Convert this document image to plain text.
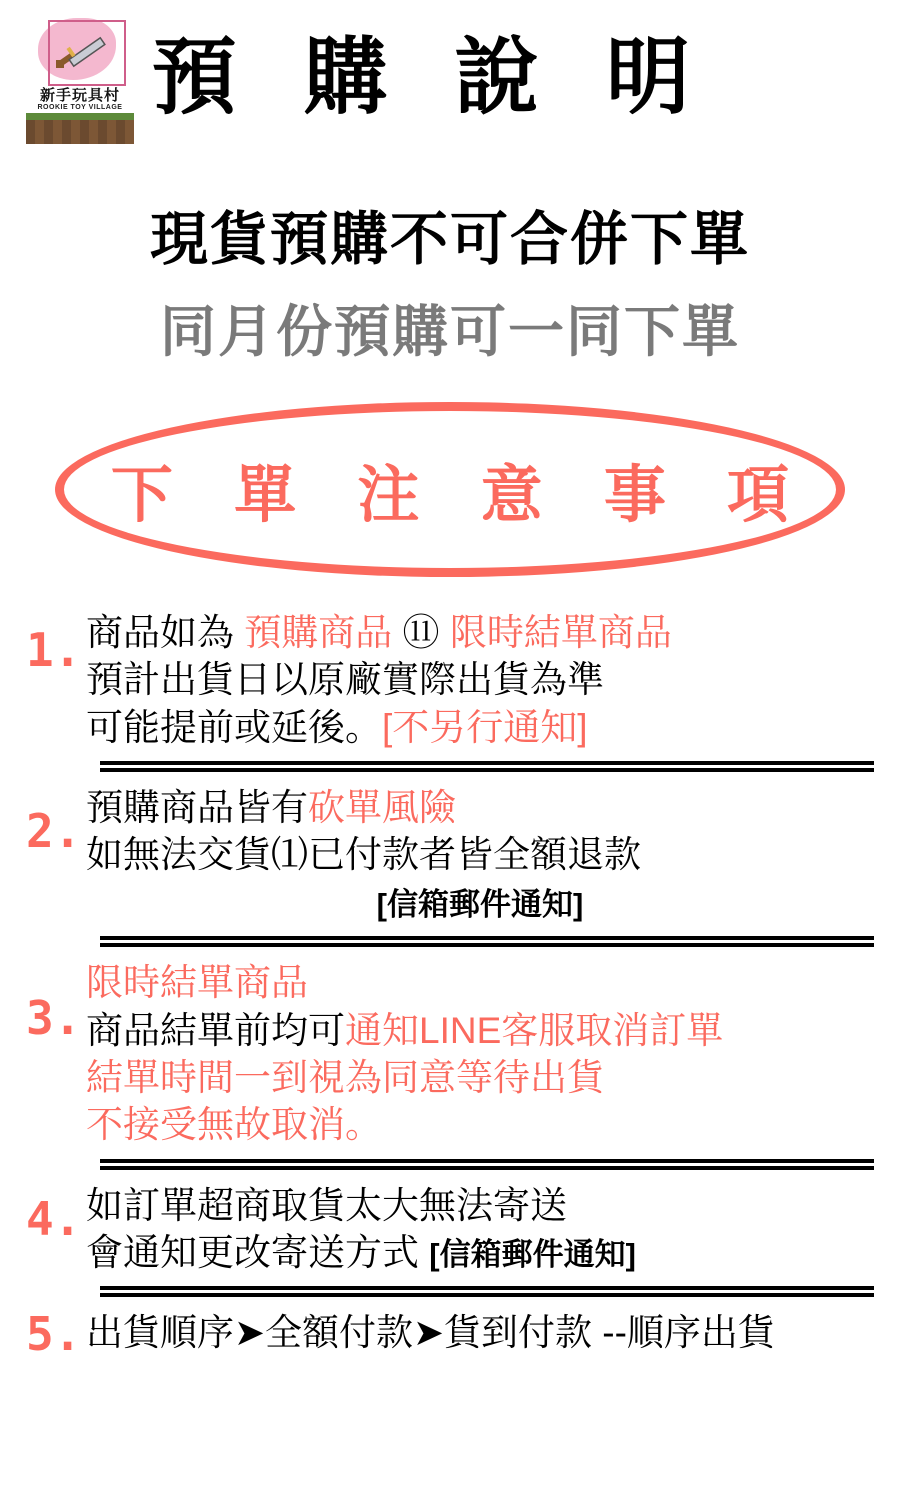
新手玩具村
ROOKIE TOY VILLAGE 預 購 說 明
現貨預購不可合併下單
同月份預購可一同下單
下 單 注 意 事 項
1. 商品如為 預購商品 ⑪ 限時結單商品
預計出貨日以原廠實際出貨為準
可能提前或延後。[不另行通知]
2. 預購商品皆有砍單風險
如無法交貨⑴已付款者皆全額退款
[信箱郵件通知]
3.
限時結單商品
商品結單前均可通知LINE客服取消訂單
結單時間一到視為同意等待出貨
不接受無故取消。
4. 如訂單超商取貨太大無法寄送
會通知更改寄送方式 [信箱郵件通知]
5. 出貨順序➤全額付款➤貨到付款 --順序出貨
